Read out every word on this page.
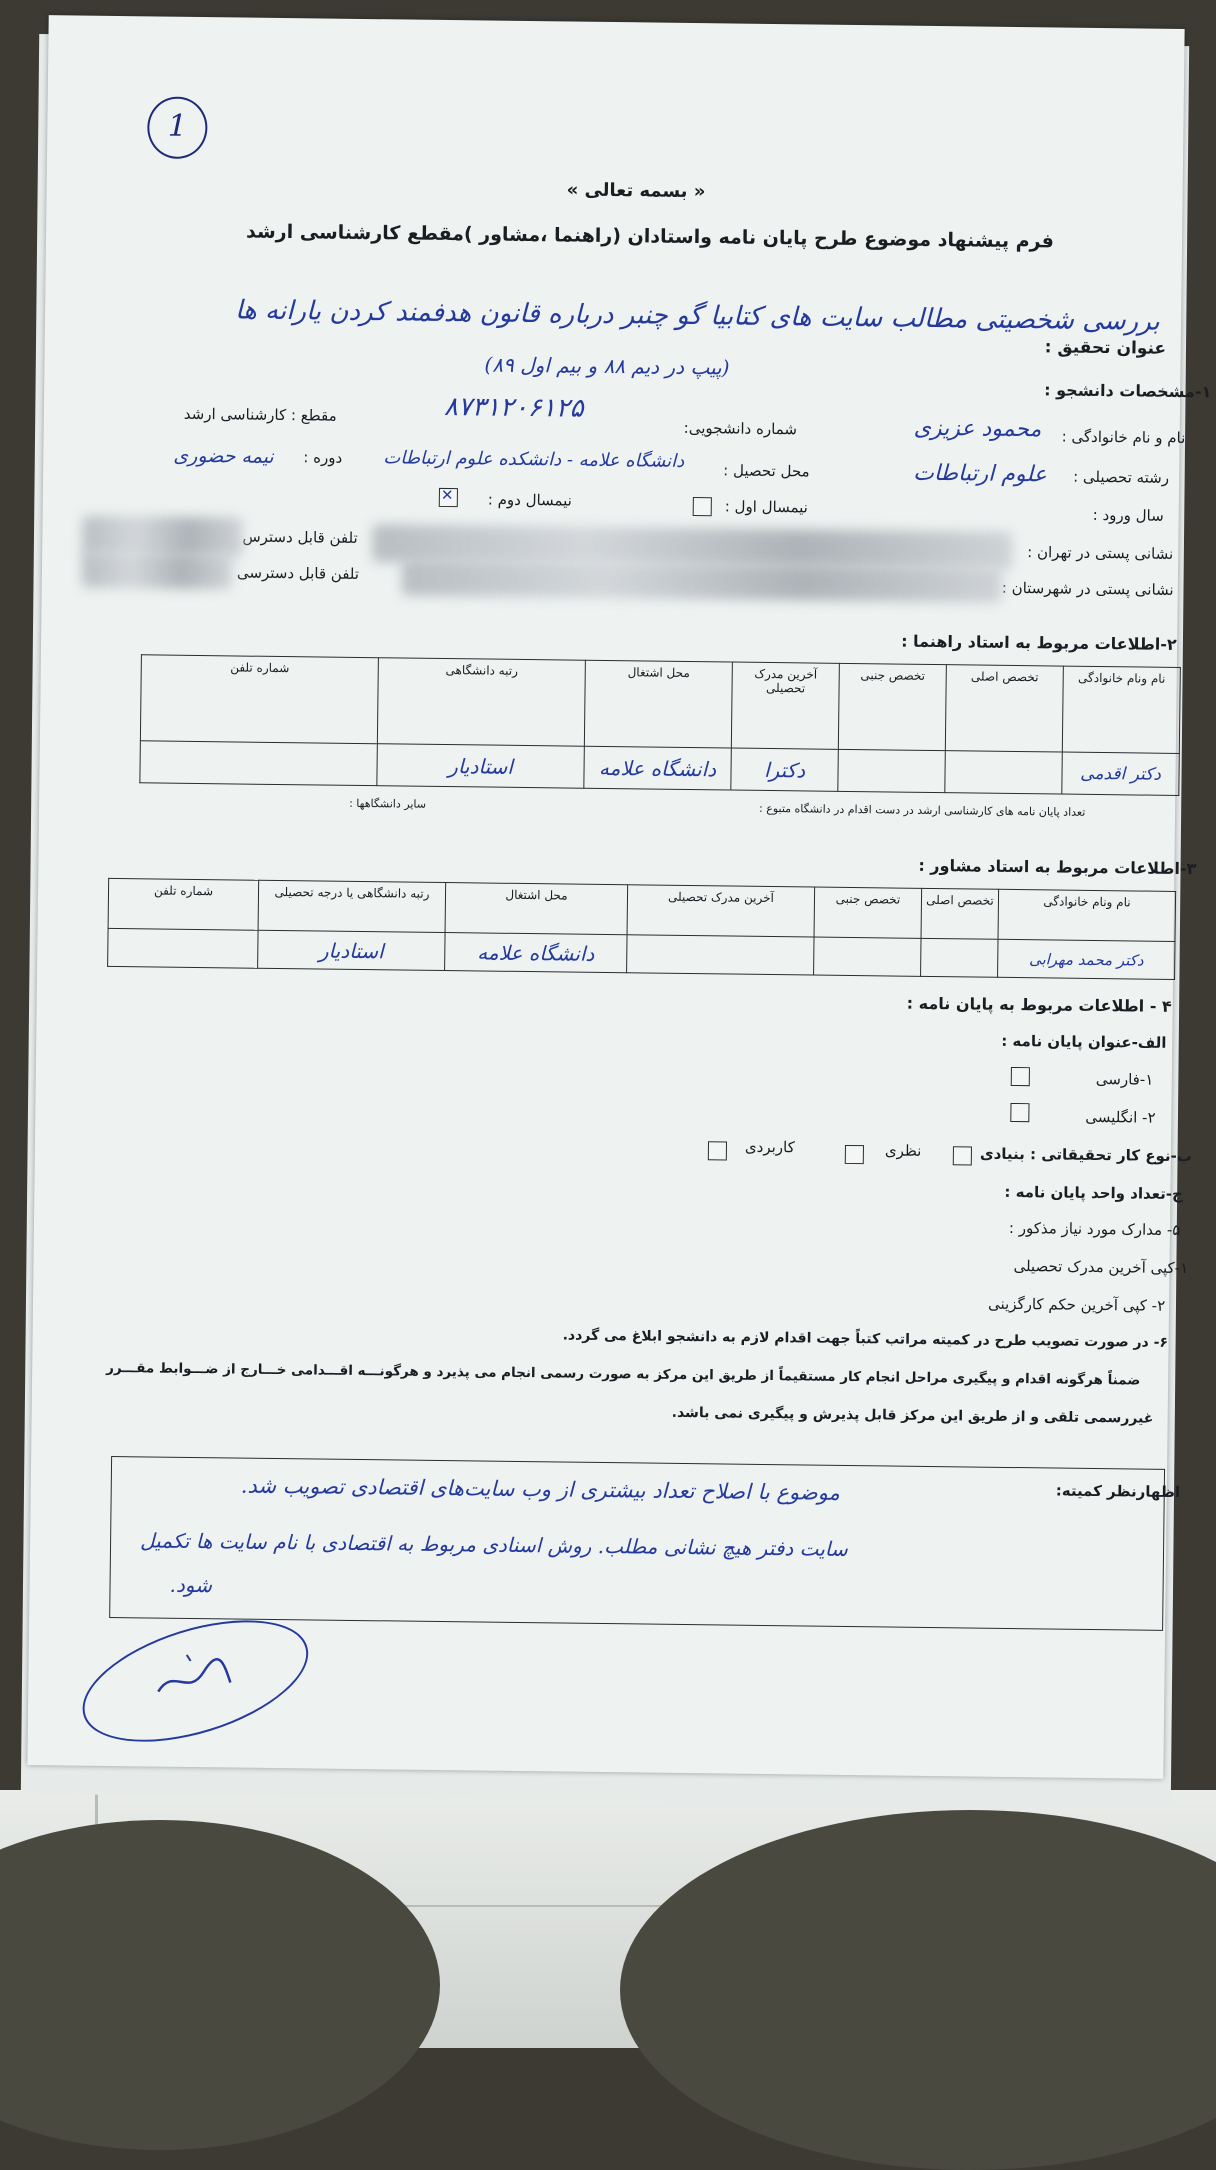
1
« بسمه تعالی »
فرم پیشنهاد موضوع طرح پایان نامه واستادان (راهنما ،مشاور )مقطع کارشناسی ارشد
عنوان تحقیق :
بررسی شخصیتی مطالب سایت های کتابیا گو چنبر درباره قانون هدفمند کردن یارانه ها
(پیپ در دیم ۸۸ و بیم اول ۸۹)
۱-مشخصات دانشجو :
نام و نام خانوادگی :
محمود عزیزی
شماره دانشجویی:
۸۷۳۱۲۰۶۱۲۵
مقطع : کارشناسی ارشد
رشته تحصیلی :
علوم ارتباطات
محل تحصیل :
دانشگاه علامه - دانشکده علوم ارتباطات
دوره :
نیمه حضوری
سال ورود :
نیمسال اول :
نیمسال دوم :
✕
نشانی پستی در تهران :
تلفن قابل دسترس
نشانی پستی در شهرستان :
تلفن قابل دسترسی
۲-اطلاعات مربوط به استاد راهنما :
نام ونام خانوادگی	تخصص اصلی	تخصص جنبی	آخرین مدرک تحصیلی	محل اشتغال	رتبه دانشگاهی	شماره تلفن
دکتر اقدمی			دکترا	دانشگاه علامه	استادیار	
تعداد پایان نامه های کارشناسی ارشد در دست اقدام در دانشگاه متبوع :
سایر دانشگاهها :
۳-اطلاعات مربوط به استاد مشاور :
نام ونام خانوادگی	تخصص اصلی	تخصص جنبی	آخرین مدرک تحصیلی	محل اشتغال	رتبه دانشگاهی یا درجه تحصیلی	شماره تلفن
دکتر محمد مهرابی				دانشگاه علامه	استادیار	
۴ - اطلاعات مربوط به پایان نامه :
الف-عنوان پایان نامه :
۱-فارسی
۲- انگلیسی
ب-نوع کار تحقیقاتی : بنیادی
نظری
کاربردی
ج-تعداد واحد پایان نامه :
۵- مدارک مورد نیاز مذکور :
۱-کپی آخرین مدرک تحصیلی
۲- کپی آخرین حکم کارگزینی
۶- در صورت تصویب طرح در کمیته مراتب کتباً جهت اقدام لازم به دانشجو ابلاغ می گردد.
ضمناً هرگونه اقدام و پیگیری مراحل انجام کار مستقیماً از طریق این مرکز به صورت رسمی انجام می پذیرد و هرگونـــه اقـــدامی خـــارج از ضـــوابط مقـــرر
غیررسمی تلقی و از طریق این مرکز قابل پذیرش و پیگیری نمی باشد.
اظهارنظر کمیته:
موضوع با اصلاح تعداد بیشتری از وب سایت‌های اقتصادی تصویب شد.
سایت دفتر هیچ نشانی مطلب. روش اسنادی مربوط به اقتصادی با نام سایت ها تکمیل
شود.
